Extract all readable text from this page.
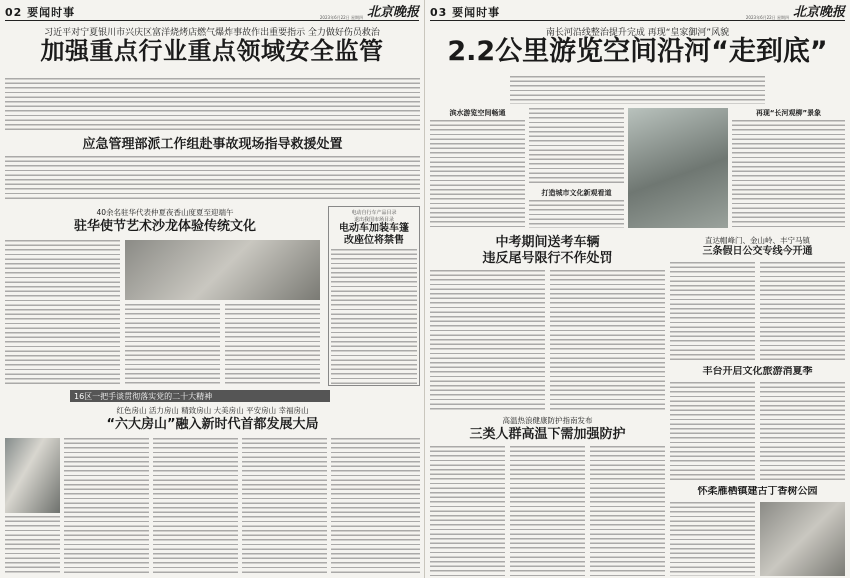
02 要闻时事	2023年6月22日 星期四 北京晚报
习近平对宁夏银川市兴庆区富洋烧烤店燃气爆炸事故作出重要指示 全力做好伤员救治
加强重点行业重点领域安全监管
应急管理部派工作组赴事故现场指导救援处置
40余名驻华代表仲夏夜香山度夏至迎端午
驻华使节艺术沙龙体验传统文化
电动自行车产品目录
退出我国市场目录
电动车加装车篷
改座位将禁售
16区一把手谈贯彻落实党的二十大精神
红色房山 活力房山 精致房山 大美房山 平安房山 幸福房山
“六大房山”融入新时代首都发展大局
03 要闻时事	2023年6月22日 星期四 北京晚报
南长河沿线整治提升完成 再现“皇家御河”风貌
2.2公里游览空间沿河“走到底”
滨水游览空间畅通
打造城市文化新观看道
再现“长河观柳”景象
中考期间送考车辆
违反尾号限行不作处罚
高温热浪健康防护指南发布
三类人群高温下需加强防护
直达帽峰门、金山岭、丰宁马镇
三条假日公交专线今开通
丰台开启文化旅游消夏季
怀柔雁栖镇建古丁香树公园
